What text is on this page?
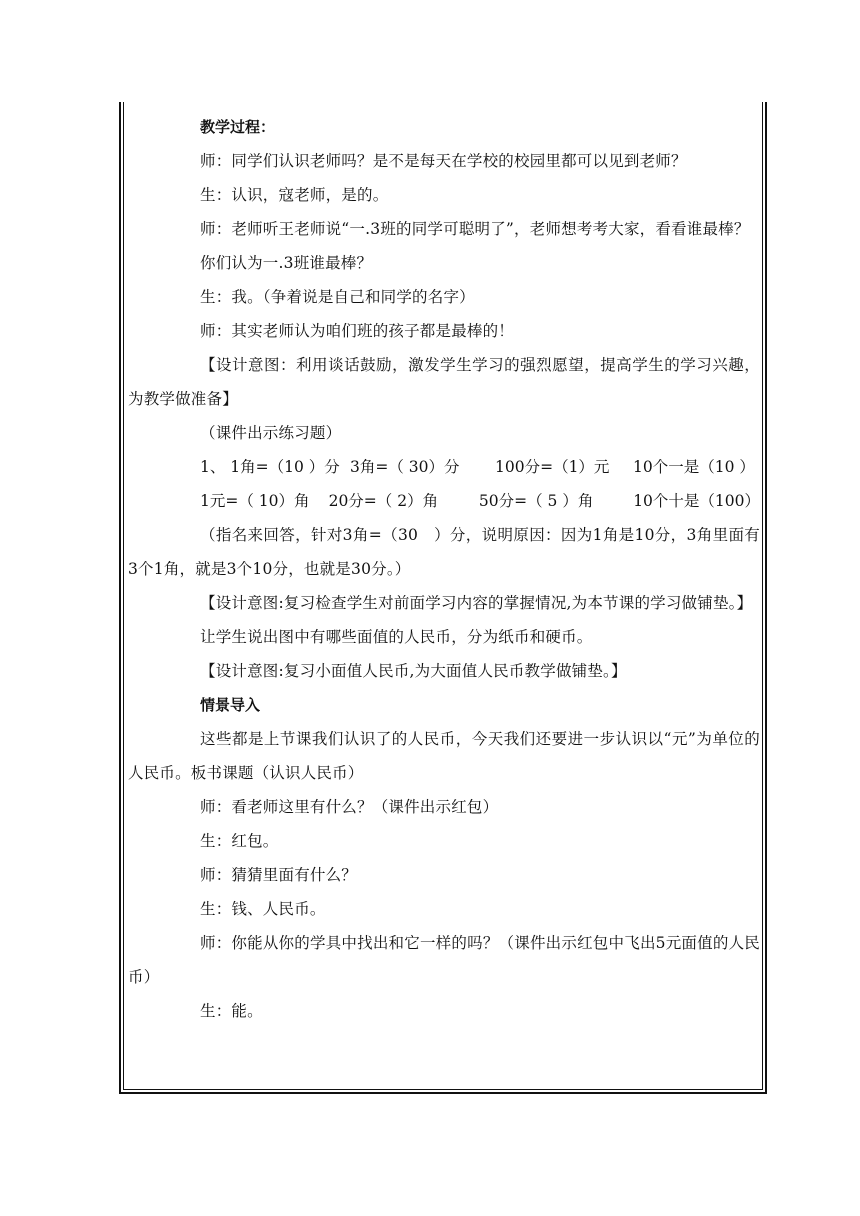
教学过程：

师：同学们认识老师吗？是不是每天在学校的校园里都可以见到老师？

生：认识，寇老师，是的。

师：老师听王老师说“一.3班的同学可聪明了”，老师想考考大家，看看谁最棒？

你们认为一.3班谁最棒？

生：我。（争着说是自己和同学的名字）

师：其实老师认为咱们班的孩子都是最棒的！

【设计意图：利用谈话鼓励，激发学生学习的强烈愿望，提高学生的学习兴趣，为教学做准备】

（课件出示练习题）

1、 1角=（10 ）分 3角=（ 30）分	100分=（1）元	10个一是（10 ）
1元=（ 10）角	20分=（ 2）角	50分=（ 5 ）角	10个十是（100）

（指名来回答，针对3角=（30　）分，说明原因：因为1角是10分，3角里面有3个1角，就是3个10分，也就是30分。）

【设计意图:复习检查学生对前面学习内容的掌握情况,为本节课的学习做铺垫。】

让学生说出图中有哪些面值的人民币，分为纸币和硬币。

【设计意图:复习小面值人民币,为大面值人民币教学做铺垫。】

情景导入

这些都是上节课我们认识了的人民币，今天我们还要进一步认识以“元”为单位的人民币。板书课题（认识人民币）

师：看老师这里有什么？（课件出示红包）

生：红包。

师：猜猜里面有什么？

生：钱、人民币。

师：你能从你的学具中找出和它一样的吗？（课件出示红包中飞出5元面值的人民币）

生：能。
